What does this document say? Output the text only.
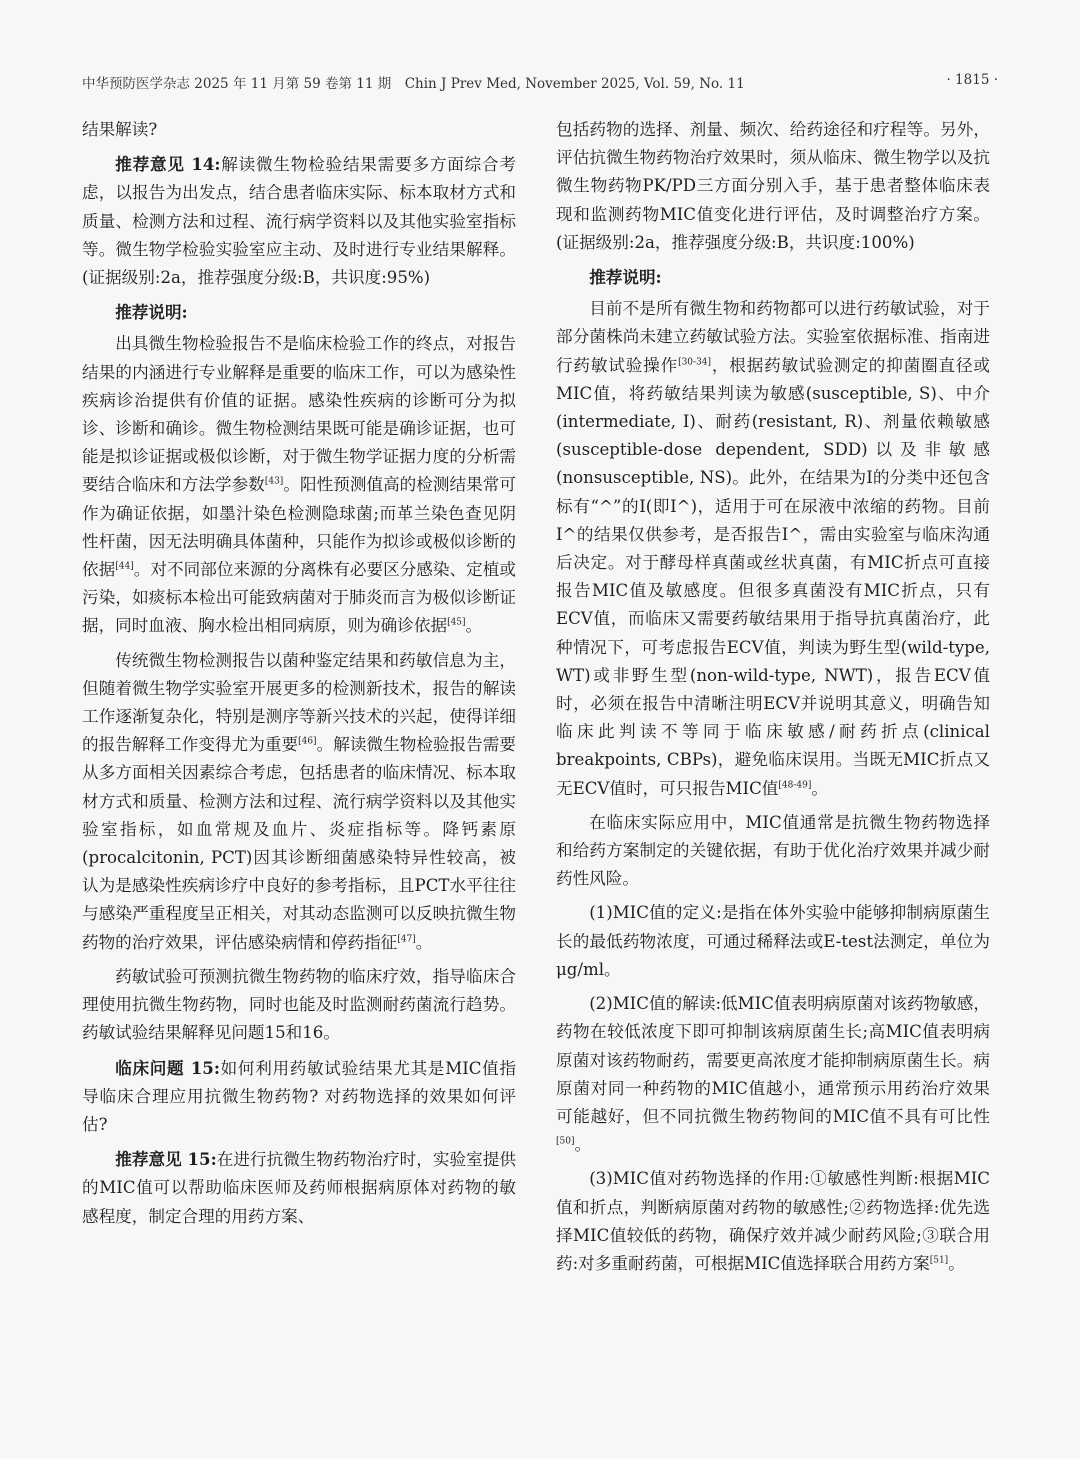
中华预防医学杂志 2025 年 11 月第 59 卷第 11 期　Chin J Prev Med, November 2025, Vol. 59, No. 11	· 1815 ·

结果解读?

推荐意见 14:解读微生物检验结果需要多方面综合考虑，以报告为出发点，结合患者临床实际、标本取材方式和质量、检测方法和过程、流行病学资料以及其他实验室指标等。微生物学检验实验室应主动、及时进行专业结果解释。(证据级别:2a，推荐强度分级:B，共识度:95%)

推荐说明:

出具微生物检验报告不是临床检验工作的终点，对报告结果的内涵进行专业解释是重要的临床工作，可以为感染性疾病诊治提供有价值的证据。感染性疾病的诊断可分为拟诊、诊断和确诊。微生物检测结果既可能是确诊证据，也可能是拟诊证据或极似诊断，对于微生物学证据力度的分析需要结合临床和方法学参数[43]。阳性预测值高的检测结果常可作为确证依据，如墨汁染色检测隐球菌;而革兰染色查见阴性杆菌，因无法明确具体菌种，只能作为拟诊或极似诊断的依据[44]。对不同部位来源的分离株有必要区分感染、定植或污染，如痰标本检出可能致病菌对于肺炎而言为极似诊断证据，同时血液、胸水检出相同病原，则为确诊依据[45]。

传统微生物检测报告以菌种鉴定结果和药敏信息为主，但随着微生物学实验室开展更多的检测新技术，报告的解读工作逐渐复杂化，特别是测序等新兴技术的兴起，使得详细的报告解释工作变得尤为重要[46]。解读微生物检验报告需要从多方面相关因素综合考虑，包括患者的临床情况、标本取材方式和质量、检测方法和过程、流行病学资料以及其他实验室指标，如血常规及血片、炎症指标等。降钙素原(procalcitonin, PCT)因其诊断细菌感染特异性较高，被认为是感染性疾病诊疗中良好的参考指标，且PCT水平往往与感染严重程度呈正相关，对其动态监测可以反映抗微生物药物的治疗效果，评估感染病情和停药指征[47]。

药敏试验可预测抗微生物药物的临床疗效，指导临床合理使用抗微生物药物，同时也能及时监测耐药菌流行趋势。药敏试验结果解释见问题15和16。

临床问题 15:如何利用药敏试验结果尤其是MIC值指导临床合理应用抗微生物药物? 对药物选择的效果如何评估?

推荐意见 15:在进行抗微生物药物治疗时，实验室提供的MIC值可以帮助临床医师及药师根据病原体对药物的敏感程度，制定合理的用药方案、

包括药物的选择、剂量、频次、给药途径和疗程等。另外，评估抗微生物药物治疗效果时，须从临床、微生物学以及抗微生物药物PK/PD三方面分别入手，基于患者整体临床表现和监测药物MIC值变化进行评估，及时调整治疗方案。(证据级别:2a，推荐强度分级:B，共识度:100%)

推荐说明:

目前不是所有微生物和药物都可以进行药敏试验，对于部分菌株尚未建立药敏试验方法。实验室依据标准、指南进行药敏试验操作[30-34]，根据药敏试验测定的抑菌圈直径或MIC值，将药敏结果判读为敏感(susceptible, S)、中介(intermediate, I)、耐药(resistant, R)、剂量依赖敏感(susceptible-dose dependent, SDD)以及非敏感(nonsusceptible, NS)。此外，在结果为I的分类中还包含标有“^”的I(即I^)，适用于可在尿液中浓缩的药物。目前I^的结果仅供参考，是否报告I^，需由实验室与临床沟通后决定。对于酵母样真菌或丝状真菌，有MIC折点可直接报告MIC值及敏感度。但很多真菌没有MIC折点，只有ECV值，而临床又需要药敏结果用于指导抗真菌治疗，此种情况下，可考虑报告ECV值，判读为野生型(wild-type, WT)或非野生型(non-wild-type, NWT)，报告ECV值时，必须在报告中清晰注明ECV并说明其意义，明确告知临床此判读不等同于临床敏感/耐药折点(clinical breakpoints, CBPs)，避免临床误用。当既无MIC折点又无ECV值时，可只报告MIC值[48-49]。

在临床实际应用中，MIC值通常是抗微生物药物选择和给药方案制定的关键依据，有助于优化治疗效果并减少耐药性风险。

(1)MIC值的定义:是指在体外实验中能够抑制病原菌生长的最低药物浓度，可通过稀释法或E-test法测定，单位为μg/ml。

(2)MIC值的解读:低MIC值表明病原菌对该药物敏感，药物在较低浓度下即可抑制该病原菌生长;高MIC值表明病原菌对该药物耐药，需要更高浓度才能抑制病原菌生长。病原菌对同一种药物的MIC值越小，通常预示用药治疗效果可能越好，但不同抗微生物药物间的MIC值不具有可比性[50]。

(3)MIC值对药物选择的作用:①敏感性判断:根据MIC值和折点，判断病原菌对药物的敏感性;②药物选择:优先选择MIC值较低的药物，确保疗效并减少耐药风险;③联合用药:对多重耐药菌，可根据MIC值选择联合用药方案[51]。
